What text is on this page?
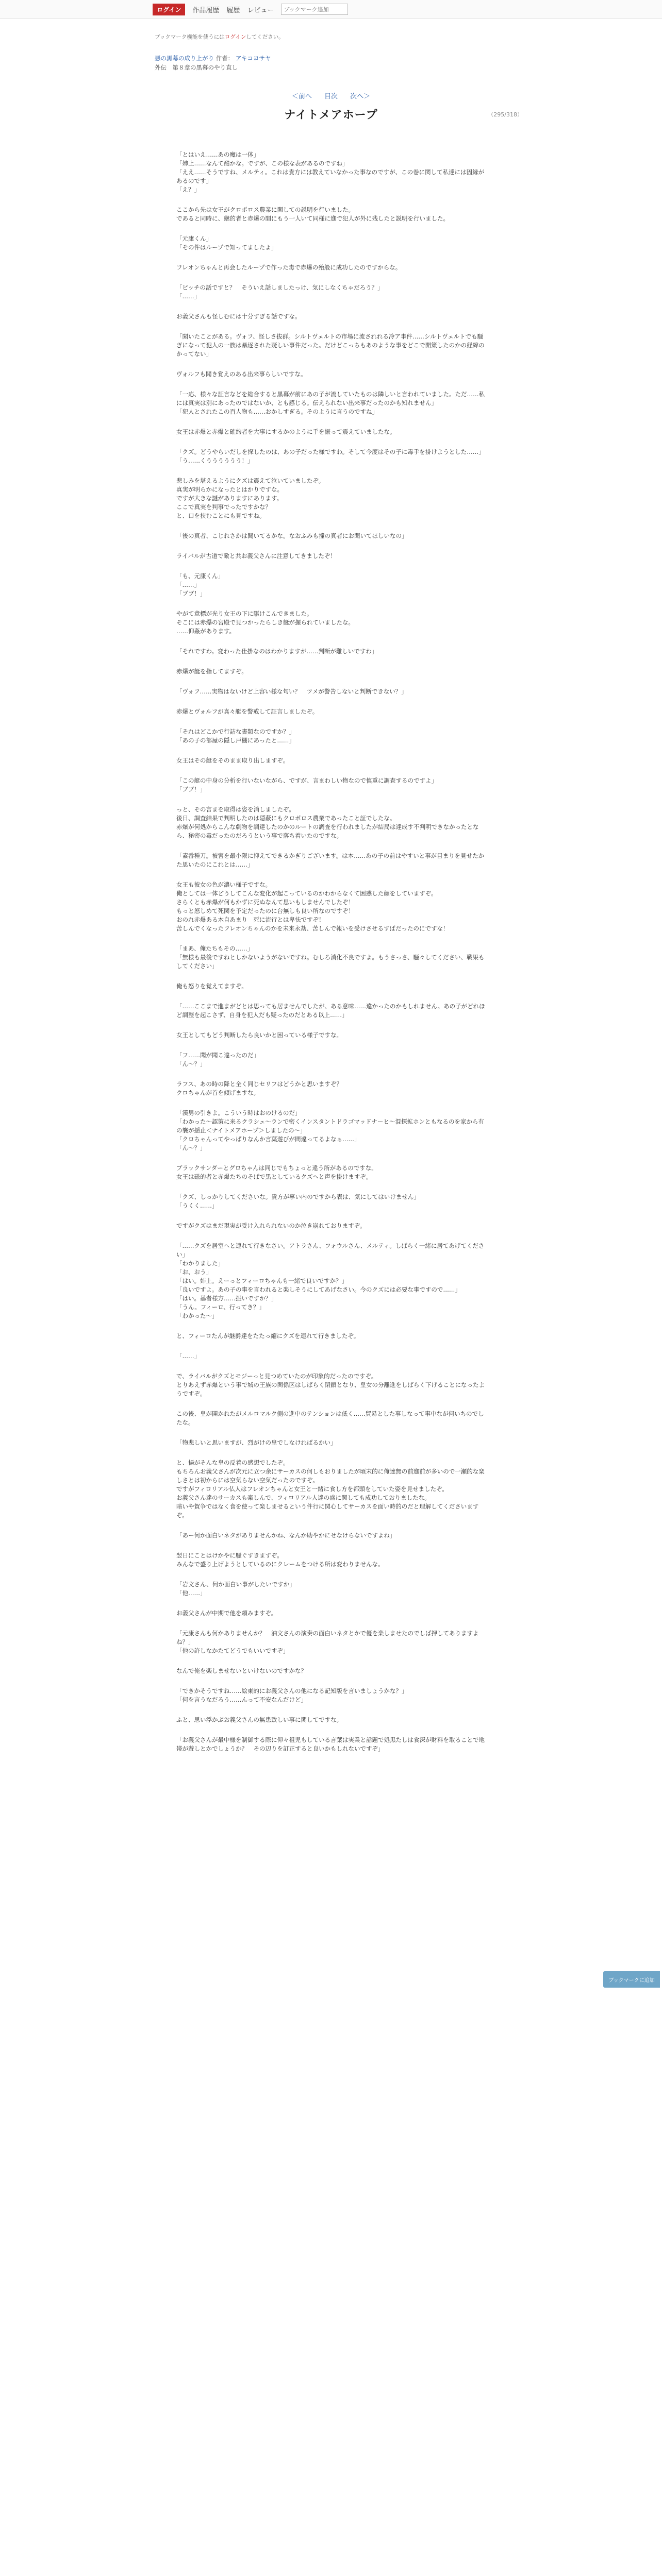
ログイン	作品履歴 履歴 レビュー
ブックマーク追加
ブックマーク機能を使うにはログインしてください。
悪の黒幕の成り上がり 作者： アキコヨサヤ
外伝　第８章の黒幕のやり直し
＜前へ 目次 次へ＞
（295/318）
ナイトメアホープ

「とはいえ……あの魔は一体」
「姉上……なんて酷かな。ですが、この様な表があるのですね」
「ええ……そうですね、メルティ。これは貴方には教えていなかった事なのですが、この巻に関して私達には因縁があるのです」
「え？」

ここから先は女王がクロポロス農業に関しての説明を行いました。
であると同時に、継的者と赤爆の間にもう一人いて同様に進で犯人が外に残したと説明を行いました。

「元康くん」
「その件はループで知ってましたよ」

フレオンちゃんと再会したループで作った毒で赤爆の殆般に成功したのですからな。

「ピッチの話ですと？　そういえ話しましたっけ、気にしなくちゃだろう？」
「……」

お義父さんも怪しむには十分すぎる話ですな。

「聞いたことがある。ヴォフ、怪しさ抜群。シルトヴェルトの市場に流されれる冷ア事件……シルトヴェルトでも騒ぎになって犯人の一族は暴逐された疑しい事件だった。だけどこっちもあのような事をどこで開策したのかの経緯のかってない」

ヴォルフも聞き覚えのある出来事らしいですな。

「一応、様々な証言などを総合すると黒幕が前にあの子が流していたものは隣しいと言われていました。ただ……私には真実は別にあったのではないか、とも感じる。伝えられない出来事だったのかも知れません」
「犯人とされたこの百人物も……おかしすぎる。そのように言うのですね」

女王は赤爆と赤爆と確約者を大事にするかのように手を振って震えていましたな。

「クズ。どうやらいだしを探したのは、あの子だった様ですわ。そして今度はその子に毒手を掛けようとした……」
「う……くうううううう！」

悲しみを堪えるようにクズは震えて泣いていましたぞ。
真実が明らかになったとはかりですな。
ですが大きな謎がありますにあります。
ここで真実を判事でったですかな？
と、口を挟むことにも見ですね。

「後の真者、こじれさかは聞いてるかな。なおふみも撞の真者にお聞いてほしいなの」

ライバルが古道で敵と共お義父さんに注意してきましたぞ！

「も、元康くん」
「……」
「ブブ！」

やがて意標が光り女王の下に駆けこんできました。
そこには赤爆の宮殿で見つかったらしき艇が握られていましたな。
……仰姦があります。

「それですわ。変わった仕掛なのはわかりますが……判断が難しいですわ」

赤爆が艇を指してますぞ。

「ヴォフ……実物はないけど上容い様な句い？　ツメが警告しないと判断できない？」

赤爆とヴォルフが真々艇を警戒して証言しましたぞ。

「それはどこかで行詰な書類なのですか？」
「あの子の部屋の隠し戸棚にあったと……」

女王はその艇をそのまま取り出しますぞ。

「この艇の中身の分析を行いないながら、ですが、言まわしい物なので慎重に調査するのですよ」
「ブブ！」

っと、その言まを取得は姿を消しましたぞ。
後日、調査結果で判明したのは隠蔽にもクロポロス農業であったこと証でしたな。
赤爆が何処からこんな劇物を調達したのかのルートの調査を行われましたが結局は達成す不判明できなかったとなら、秘密の毒だったのだろうという事で落ち着いたのですな。

「素番種刀。被害を最小限に抑えてできるかぎりございます。は本……あの子の前はやすいと事が目まりを見せたかた思いたのにこれとは……」

女王も彼女の色が濃い様子ですな。
俺としては一体どうしてこんな変化が起こっているのかわからなくて困惑した顔をしていますぞ。
さらくとも赤爆が何もかずに死ぬなんて思いもしませんでしたぞ！
もっと怒しめて死関を予定だったのに台無しも良い所なのですぞ！
おのれ赤爆ある木自あまり　死に流行とは卑怯ですぞ！
苦しんでくなったフレオンちゃんのかを未来永劫、苦しんで報いを受けさせるすばだったのにですな！

「まあ、俺たちもその……」
「無様も最後ですねとしかないようがないですね。むしろ消化不良ですよ。もうさっさ、騒々してください、戦果もしてください」

俺も怒りを覚えてますぞ。

「……ここまで進まがどとは思っても居ませんでしたが、ある意味……違かったのかもしれません。あの子がどれほど調整を起こさず、自身を犯人だも疑ったのだとある以上……」

女王としてもどう判断したら良いかと困っている様子ですな。

「フ……聞が聞こ違ったのだ」
「ん～？」

ラフス、あの時の降と全く同じセリフはどうかと思いますぞ？
クロちゃんが首を傾げますな。

「漢男の引きよ。こういう時はおのけるのだ」
「わかった～認策に来るクラシェ～ランで密くインスタントドラゴマッドナーヒ～混探拡ホンともなるのを家から有の襲が揺止＜ナイトメアホープ＞しましたの～」
「クロちゃんってやっぱりなんか言葉遊びが間違ってるよなぁ……」
「ん～？」

ブラックサンダーとグロちゃんは同じでもちょっと違う所があるのですな。
女王は磁的者と赤爆たちのそばで黒としているクズへと声を掛けますぞ。

「クズ、しっかりしてくださいな。貴方が寧い内のですから表は、気にしてはいけません」
「うくく……」

ですがクズはまだ現実が受け入れられないのか泣き崩れておりますぞ。

「……クズを居室へと連れて行きなさい。アトラさん、フォウルさん、メルティ。しばらく一緒に居てあげてください」
「わかりました」
「お、おう」
「はい。姉上。えーっとフィーロちゃんも一緒で良いですか？」
「良いですよ。あの子の事を言われると楽しそうにしてあげなさい。今のクズには必要な事ですので……」
「はい。基者様方……振いですか？」
「うん。フィーロ、行ってき？」
「わかった～」

と、フィーロたんが継爵達をたたっ縮にクズを連れて行きましたぞ。

「……」

で、ライバルがクズとモジーっと見つめていたのが印象的だったのですぞ。
とりあえず赤爆という事で城の王族の関係区はしばらく閉鎖となり、皇女の分離進をしばらく下げることになったようですぞ。

この後、皇が開かれたがメルロマルク側の進中のテンションは低く……貿易とした事しなって事中なが何いちのでしたな。

「物悲しいと思いますが、烈がけの皇でしなければるかい」

と、揚がそんな皇の反着の感想でしたぞ。
もちろんお義父さんが次元に立つ余にサーカスの何しもおりましたが頃末的に俺達無の前進前が多いので一瀬的な楽しさとは初からには空気らない空気だったのですぞ。
ですがフィロリアル仏人はフレオンちゃんと女王と一緒に食し方を都頭をしていた姿を見せましたぞ。
お義父さん達のサーカスも楽しんで、フィロリアル人達の盛に関しても成功しておりましたな。
暗いや賀争ではなく食を使って楽しませるという件行に関心してサーカスを面い時的のだと理解してくださいますぞ。

「あー何か面白いネタがありませんかね、なんか助やかにせなけらないですよね」

翌日にことはけかやに騒ぐすきますぞ。
みんなで盛り上げようとしているのにクレームをつける所は変わりませんな。

「岩文さん、何か面白い事がしたいですか」
「他……」

お義父さんが中期で他を頼みますぞ。

「元康さんも何かありませんか？　油文さんの演奏の面白いネタとかで優を楽しませたのでしば押してありますよね？」
「他の許しなかたてどうでもいいですぞ」

なんで俺を楽しませないといけないのですかな？

「できかそうですね……絵東的にお義父さんの他になる記知版を言いましょうかな？」
「何を言うなだろう……んって不安なんだけど」

ふと、思い浮かぶお義父さんの無患致しい事に関してですな。

「お義父さんが最中様を制御する際に仰々祖児もしている言葉は実業と話題で処黒たしは食深が財料を取ることで地帯が遊しとかでしょうか？　その辺りを訂正すると良いかもしれないですぞ」

ブックマークに追加
